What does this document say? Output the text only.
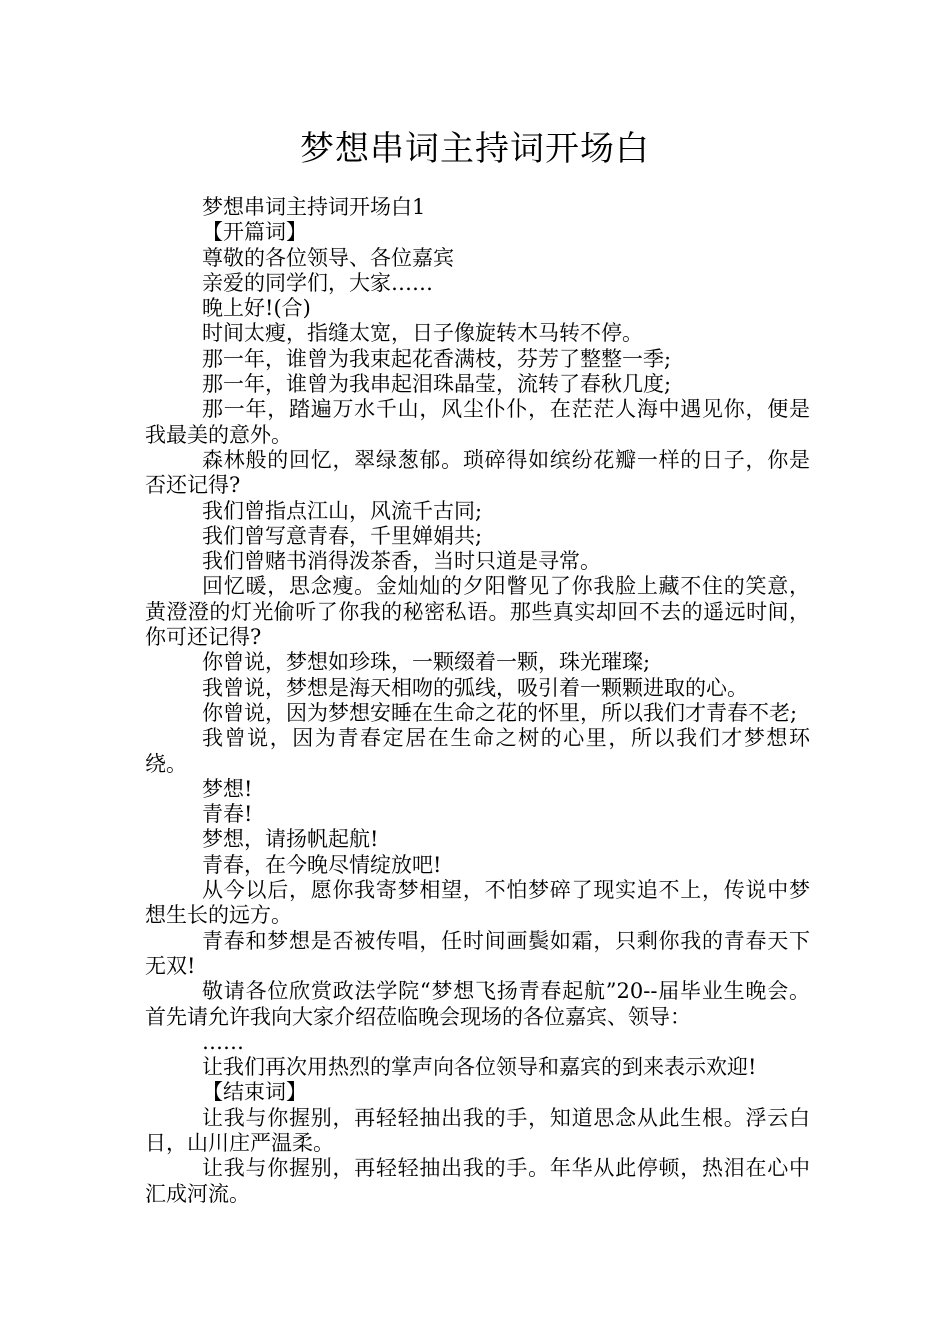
梦想串词主持词开场白

梦想串词主持词开场白1

【开篇词】

尊敬的各位领导、各位嘉宾

亲爱的同学们，大家……

晚上好!(合)

时间太瘦，指缝太宽，日子像旋转木马转不停。

那一年，谁曾为我束起花香满枝，芬芳了整整一季;

那一年，谁曾为我串起泪珠晶莹，流转了春秋几度;

那一年，踏遍万水千山，风尘仆仆，在茫茫人海中遇见你，便是我最美的意外。

森林般的回忆，翠绿葱郁。琐碎得如缤纷花瓣一样的日子，你是否还记得?

我们曾指点江山，风流千古同;

我们曾写意青春，千里婵娟共;

我们曾赌书消得泼茶香，当时只道是寻常。

回忆暖，思念瘦。金灿灿的夕阳瞥见了你我脸上藏不住的笑意，黄澄澄的灯光偷听了你我的秘密私语。那些真实却回不去的遥远时间，你可还记得?

你曾说，梦想如珍珠，一颗缀着一颗，珠光璀璨;

我曾说，梦想是海天相吻的弧线，吸引着一颗颗进取的心。

你曾说，因为梦想安睡在生命之花的怀里，所以我们才青春不老;

我曾说，因为青春定居在生命之树的心里，所以我们才梦想环绕。

梦想!

青春!

梦想，请扬帆起航!

青春，在今晚尽情绽放吧!

从今以后，愿你我寄梦相望，不怕梦碎了现实追不上，传说中梦想生长的远方。

青春和梦想是否被传唱，任时间画鬓如霜，只剩你我的青春天下无双!

敬请各位欣赏政法学院“梦想飞扬青春起航”20--届毕业生晚会。首先请允许我向大家介绍莅临晚会现场的各位嘉宾、领导：

……

让我们再次用热烈的掌声向各位领导和嘉宾的到来表示欢迎!

【结束词】

让我与你握别，再轻轻抽出我的手，知道思念从此生根。浮云白日，山川庄严温柔。

让我与你握别，再轻轻抽出我的手。年华从此停顿，热泪在心中汇成河流。
